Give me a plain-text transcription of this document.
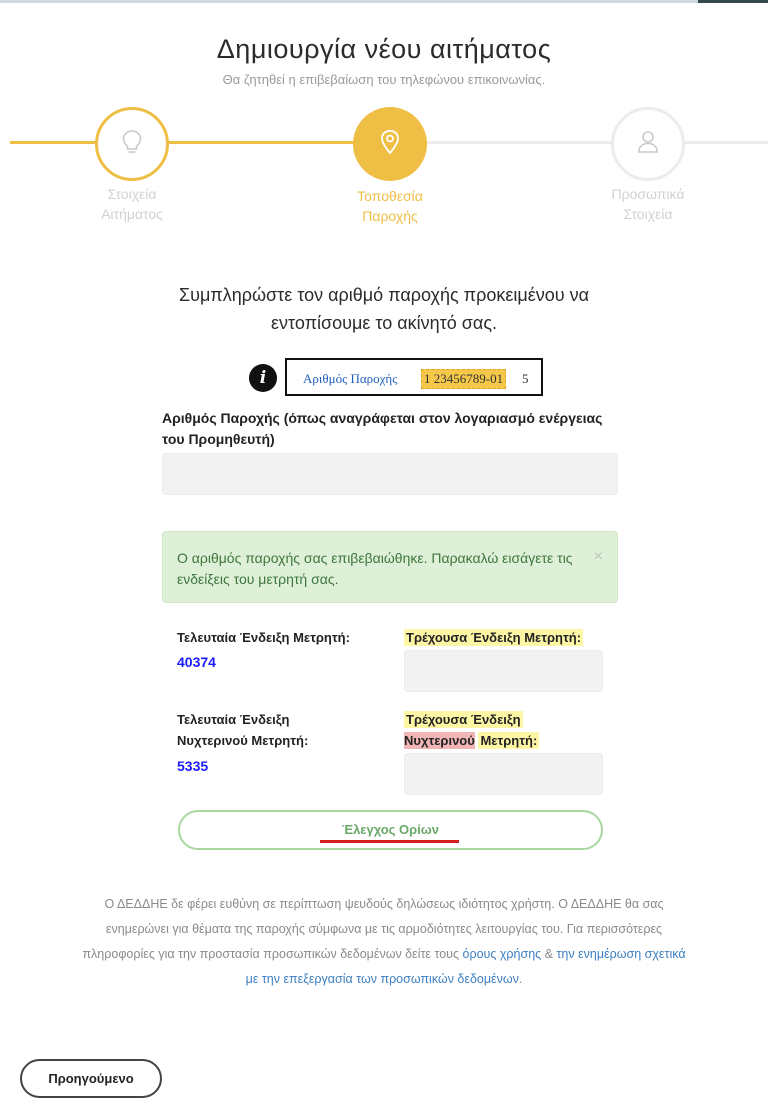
Δημιουργία νέου αιτήματος
Θα ζητηθεί η επιβεβαίωση του τηλεφώνου επικοινωνίας.
Στοιχεία
Αιτήματος
Τοποθεσία
Παροχής
Προσωπικά
Στοιχεία
Συμπληρώστε τον αριθμό παροχής προκειμένου να
εντοπίσουμε το ακίνητό σας.
i	Αριθμός Παροχής 1 23456789-01 5
Αριθμός Παροχής (όπως αναγράφεται στον λογαριασμό ενέργειας του Προμηθευτή)
Ο αριθμός παροχής σας επιβεβαιώθηκε. Παρακαλώ εισάγετε τις ενδείξεις του μετρητή σας.
×
Τελευταία Ένδειξη Μετρητή:
40374
Τρέχουσα Ένδειξη Μετρητή:
Τελευταία Ένδειξη
Νυχτερινού Μετρητή:
5335
Τρέχουσα Ένδειξη
Νυχτερινού Μετρητή:
Έλεγχος Ορίων
Ο ΔΕΔΔΗΕ δε φέρει ευθύνη σε περίπτωση ψευδούς δηλώσεως ιδιότητος χρήστη. Ο ΔΕΔΔΗΕ θα σας ενημερώνει για θέματα της παροχής σύμφωνα με τις αρμοδιότητες λειτουργίας του. Για περισσότερες πληροφορίες για την προστασία προσωπικών δεδομένων δείτε τους όρους χρήσης & την ενημέρωση σχετικά με την επεξεργασία των προσωπικών δεδομένων.
Προηγούμενο
